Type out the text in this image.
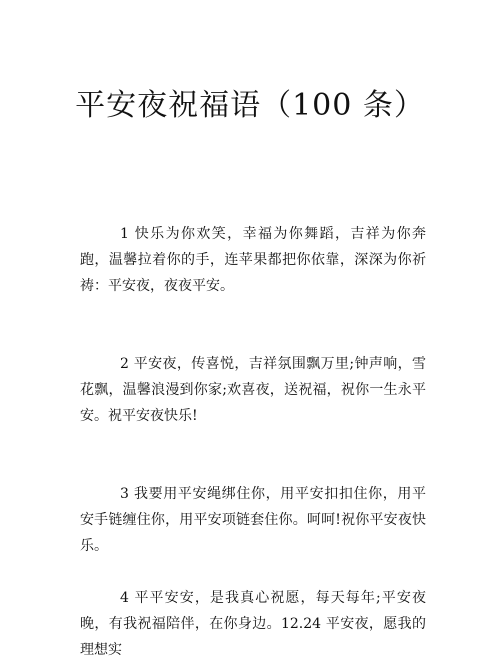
平安夜祝福语（100 条）

1 快乐为你欢笑，幸福为你舞蹈，吉祥为你奔跑，温馨拉着你的手，连苹果都把你依靠，深深为你祈祷：平安夜，夜夜平安。

2 平安夜，传喜悦，吉祥氛围飘万里;钟声响，雪花飘，温馨浪漫到你家;欢喜夜，送祝福，祝你一生永平安。祝平安夜快乐!

3 我要用平安绳绑住你，用平安扣扣住你，用平安手链缠住你，用平安项链套住你。呵呵!祝你平安夜快乐。

4 平平安安，是我真心祝愿，每天每年;平安夜晚，有我祝福陪伴，在你身边。12.24 平安夜，愿我的理想实
